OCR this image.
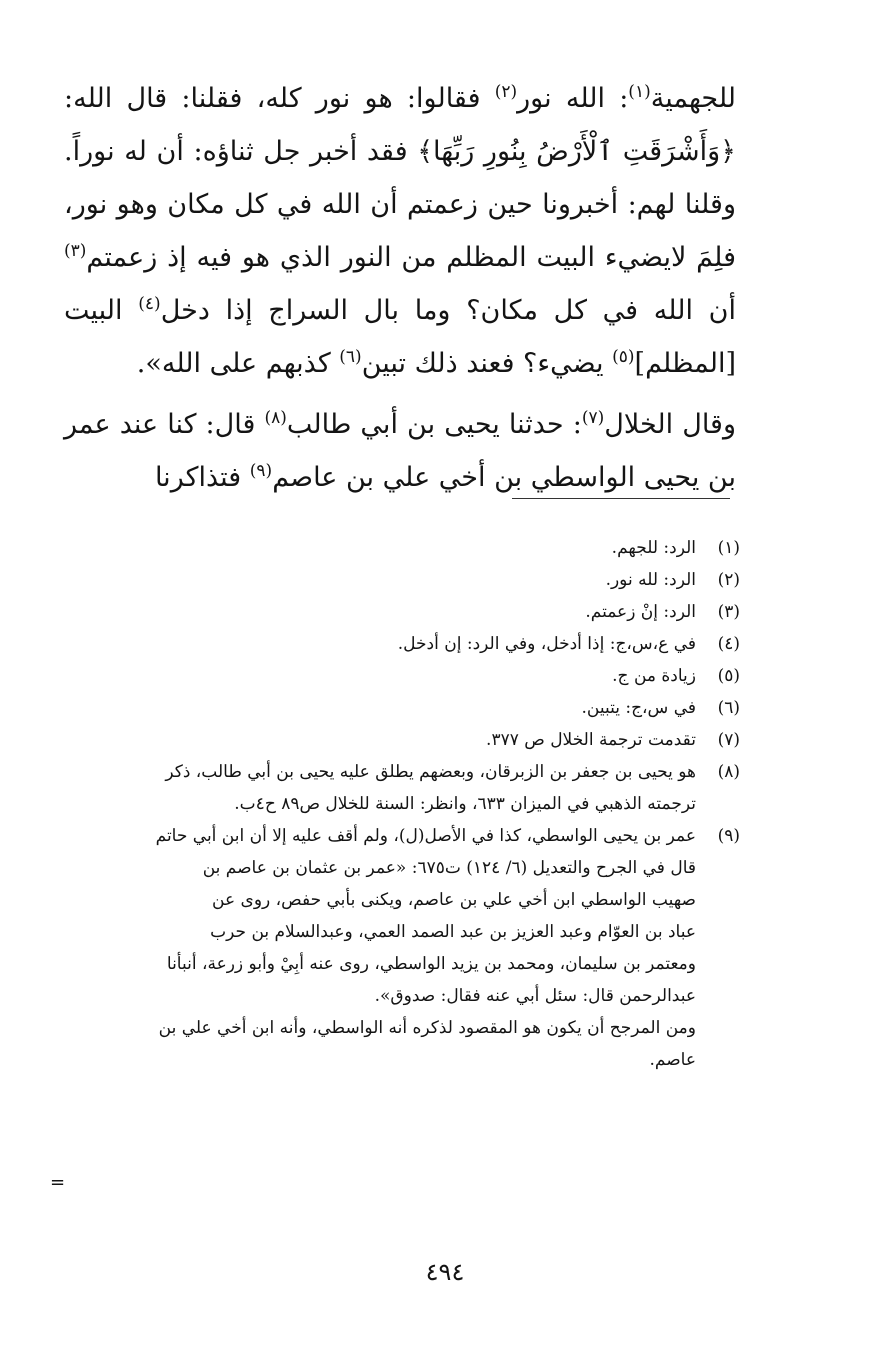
للجهمية$^{(١)}$: الله نور$^{(٢)}$ فقالوا: هو نور كله، فقلنا: قال الله: ﴿وَأَشْرَقَتِ ٱلْأَرْضُ بِنُورِ رَبِّهَا﴾ فقد أخبر جل ثناؤه: أن له نوراً. وقلنا لهم: أخبرونا حين زعمتم أن الله في كل مكان وهو نور، فلِمَ لايضيء البيت المظلم من النور الذي هو فيه إذ زعمتم$^{(٣)}$ أن الله في كل مكان؟ وما بال السراج إذا دخل$^{(٤)}$ البيت [المظلم]$^{(٥)}$ يضيء؟ فعند ذلك تبين$^{(٦)}$ كذبهم على الله».

وقال الخلال$^{(٧)}$: حدثنا يحيى بن أبي طالب$^{(٨)}$ قال: كنا عند عمر بن يحيى الواسطي بن أخي علي بن عاصم$^{(٩)}$ فتذاكرنا

(١)
الرد: للجهم.
(٢)
الرد: لله نور.
(٣)
الرد: إنْ زعمتم.
(٤)
في ع،س،ج: إذا أدخل، وفي الرد: إن أدخل.
(٥)
زيادة من ج.
(٦)
في س،ج: يتبين.
(٧)
تقدمت ترجمة الخلال ص ٣٧٧.
(٨)
هو يحيى بن جعفر بن الزبرقان، وبعضهم يطلق عليه يحيى بن أبي طالب، ذكر
ترجمته الذهبي في الميزان ٦٣٣، وانظر: السنة للخلال ص٨٩ ح٤ب.
(٩)
عمر بن يحيى الواسطي، كذا في الأصل(ل)، ولم أقف عليه إلا أن ابن أبي حاتم
قال في الجرح والتعديل (٦/ ١٢٤) ت٦٧٥: «عمر بن عثمان بن عاصم بن
صهيب الواسطي ابن أخي علي بن عاصم، ويكنى بأبي حفص، روى عن
عباد بن العوّام وعبد العزيز بن عبد الصمد العمي، وعبدالسلام بن حرب
ومعتمر بن سليمان، ومحمد بن يزيد الواسطي، روى عنه أبِيْ وأبو زرعة، أنبأنا
عبدالرحمن قال: سئل أبي عنه فقال: صدوق».
ومن المرجح أن يكون هو المقصود لذكره أنه الواسطي، وأنه ابن أخي علي بن
عاصم.
=
٤٩٤
